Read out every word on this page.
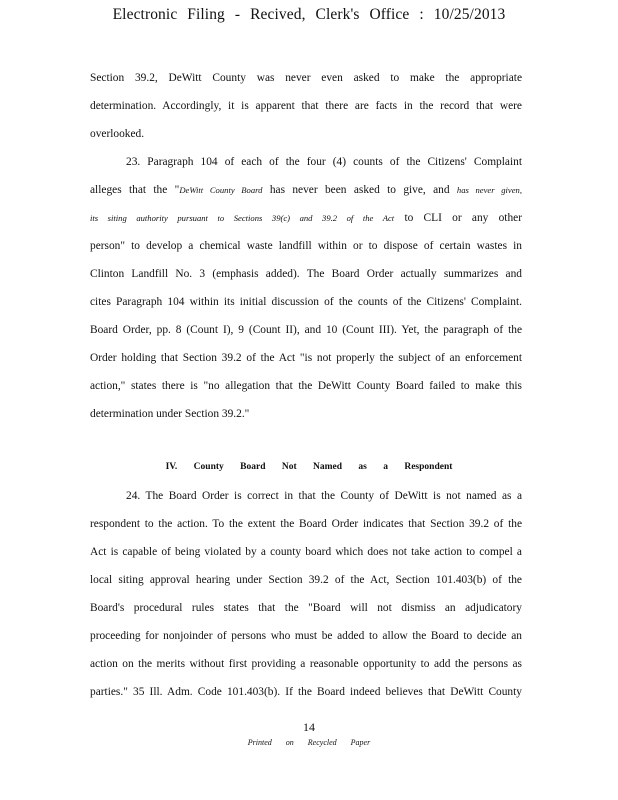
Electronic Filing - Recived, Clerk's Office : 10/25/2013
Section 39.2, DeWitt County was never even asked to make the appropriate
determination. Accordingly, it is apparent that there are facts in the record that were
overlooked.
23. Paragraph 104 of each of the four (4) counts of the Citizens' Complaint
alleges that the "DeWitt County Board has never been asked to give, and has never given,
its siting authority pursuant to Sections 39(c) and 39.2 of the Act to CLI or any other
person" to develop a chemical waste landfill within or to dispose of certain wastes in
Clinton Landfill No. 3 (emphasis added). The Board Order actually summarizes and
cites Paragraph 104 within its initial discussion of the counts of the Citizens' Complaint.
Board Order, pp. 8 (Count I), 9 (Count II), and 10 (Count III). Yet, the paragraph of the
Order holding that Section 39.2 of the Act "is not properly the subject of an enforcement
action," states there is "no allegation that the DeWitt County Board failed to make this
determination under Section 39.2."
IV. County Board Not Named as a Respondent
24. The Board Order is correct in that the County of DeWitt is not named as a
respondent to the action. To the extent the Board Order indicates that Section 39.2 of the
Act is capable of being violated by a county board which does not take action to compel a
local siting approval hearing under Section 39.2 of the Act, Section 101.403(b) of the
Board's procedural rules states that the "Board will not dismiss an adjudicatory
proceeding for nonjoinder of persons who must be added to allow the Board to decide an
action on the merits without first providing a reasonable opportunity to add the persons as
parties." 35 Ill. Adm. Code 101.403(b). If the Board indeed believes that DeWitt County
14
Printed on Recycled Paper
